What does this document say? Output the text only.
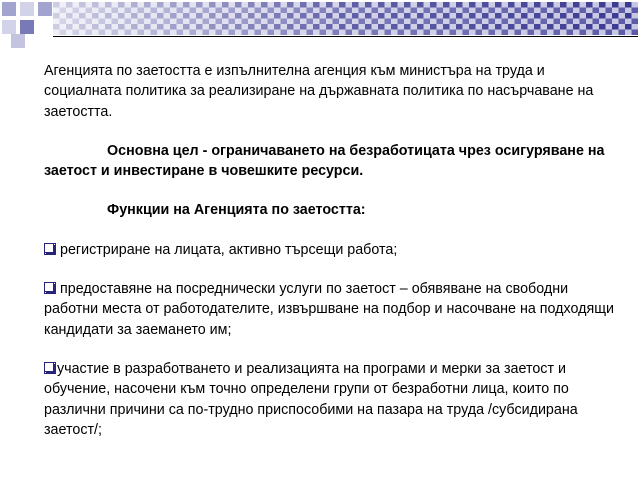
Агенцията по заетостта е изпълнителна агенция към министъра на труда и социалната политика за реализиране на държавната политика по насърчаване на заетостта.

Основна цел - ограничаването на безработицата чрез осигуряване на заетост и инвестиране в човешките ресурси.

Функции на Агенцията по заетостта:

регистриране на лицата, активно търсещи работа;

предоставяне на посреднически услуги по заетост – обявяване на свободни работни места от работодателите, извършване на подбор и насочване на подходящи кандидати за заемането им;

участие в разработването и реализацията на програми и мерки за заетост и обучение, насочени към точно определени групи от безработни лица, които по различни причини са по-трудно приспособими на пазара на труда /субсидирана заетост/;
